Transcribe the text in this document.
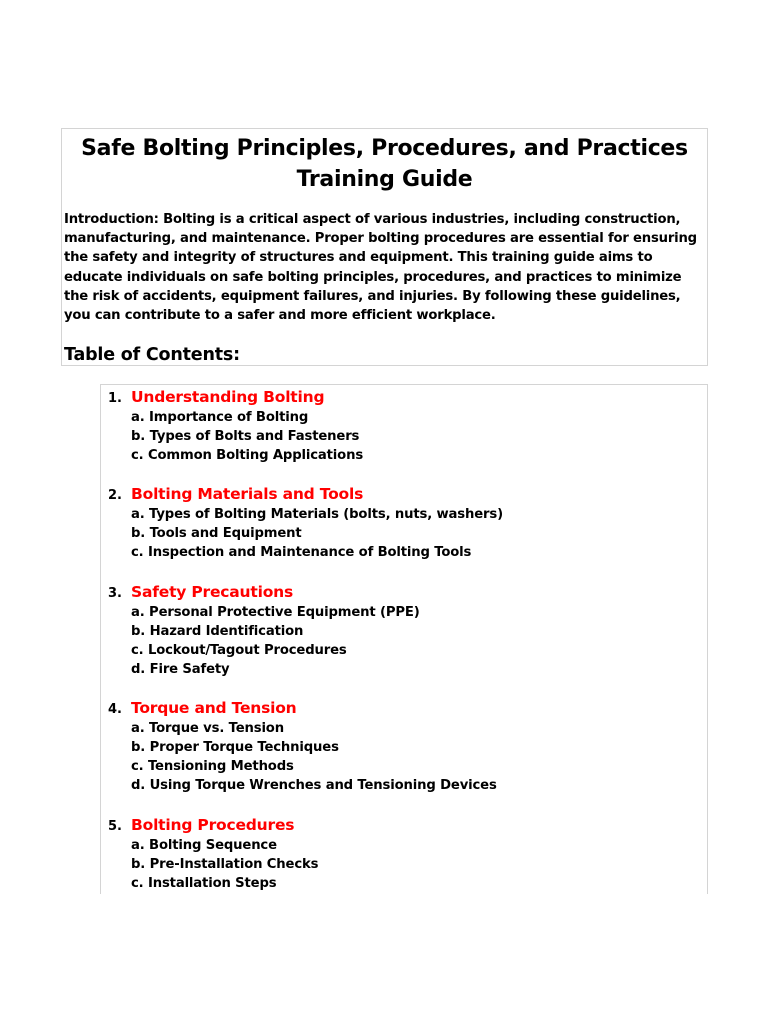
Safe Bolting Principles, Procedures, and Practices Training Guide

Introduction: Bolting is a critical aspect of various industries, including construction, manufacturing, and maintenance. Proper bolting procedures are essential for ensuring the safety and integrity of structures and equipment. This training guide aims to educate individuals on safe bolting principles, procedures, and practices to minimize the risk of accidents, equipment failures, and injuries. By following these guidelines, you can contribute to a safer and more efficient workplace.

Table of Contents:
1. Understanding Bolting
a. Importance of Bolting
b. Types of Bolts and Fasteners
c. Common Bolting Applications
2. Bolting Materials and Tools
a. Types of Bolting Materials (bolts, nuts, washers)
b. Tools and Equipment
c. Inspection and Maintenance of Bolting Tools
3. Safety Precautions
a. Personal Protective Equipment (PPE)
b. Hazard Identification
c. Lockout/Tagout Procedures
d. Fire Safety
4. Torque and Tension
a. Torque vs. Tension
b. Proper Torque Techniques
c. Tensioning Methods
d. Using Torque Wrenches and Tensioning Devices
5. Bolting Procedures
a. Bolting Sequence
b. Pre-Installation Checks
c. Installation Steps
